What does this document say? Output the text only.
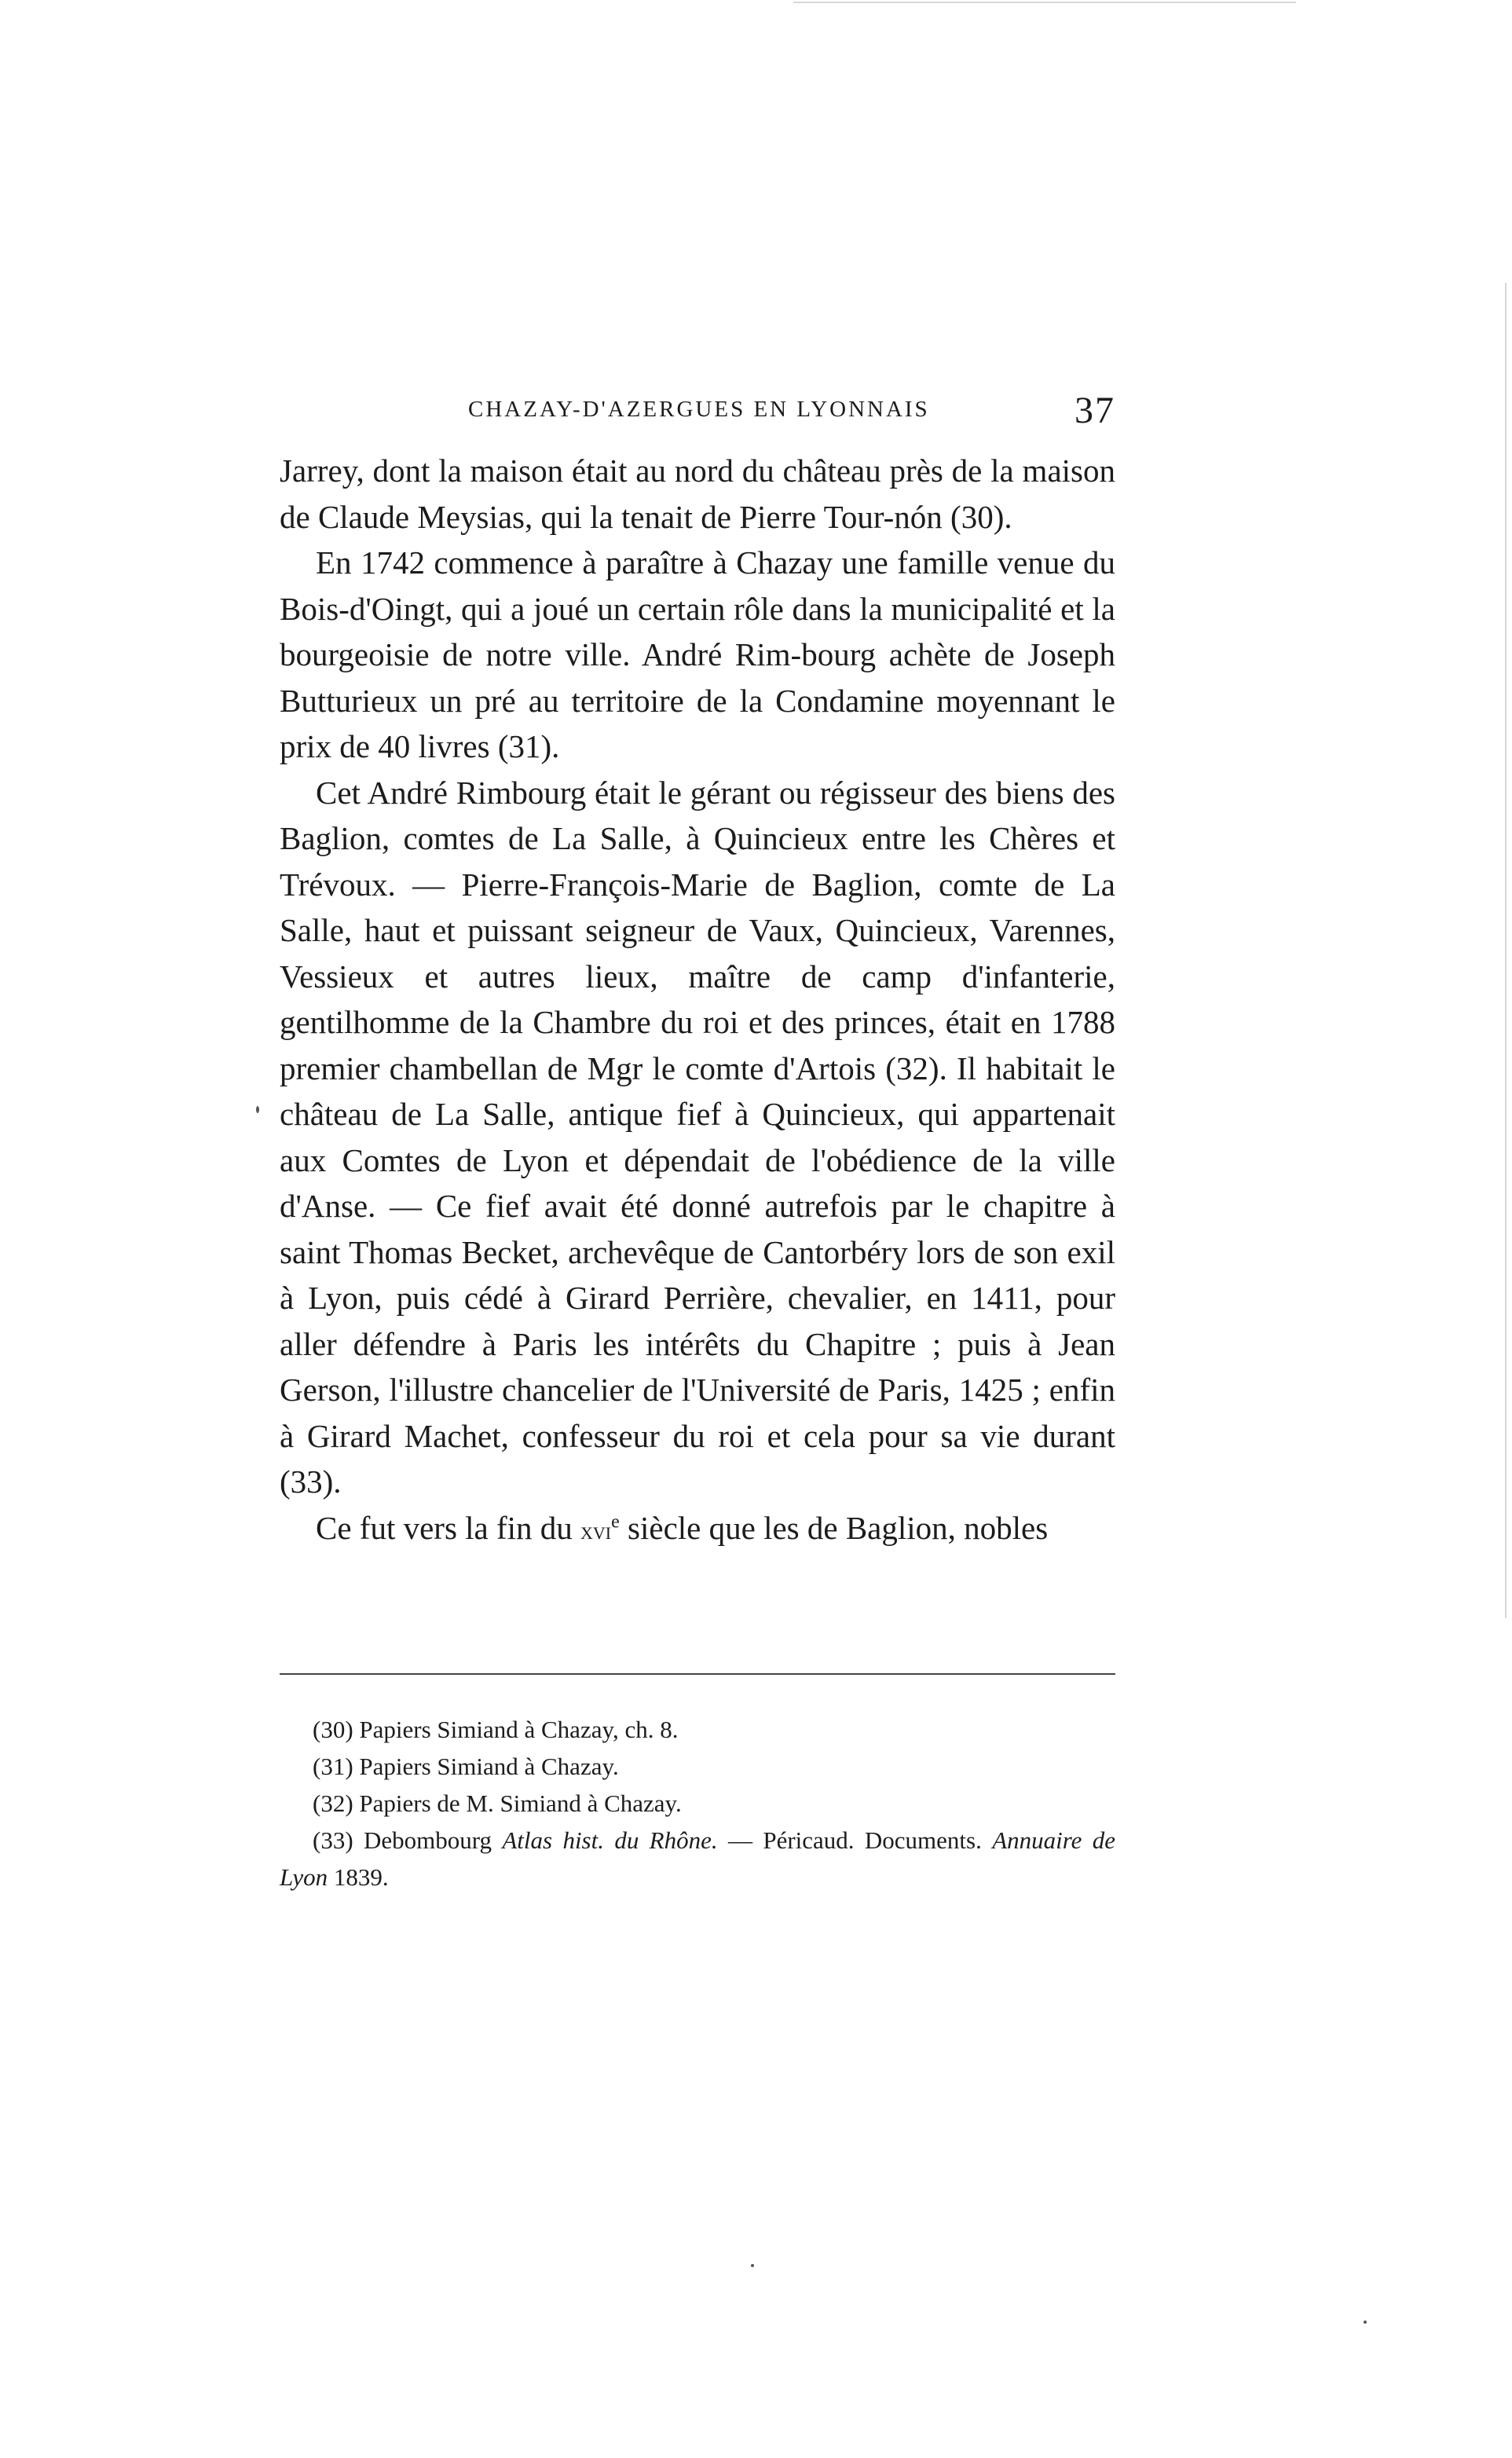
CHAZAY-D'AZERGUES EN LYONNAIS	37

Jarrey, dont la maison était au nord du château près de la maison de Claude Meysias, qui la tenait de Pierre Tour-nón (30).

En 1742 commence à paraître à Chazay une famille venue du Bois-d'Oingt, qui a joué un certain rôle dans la municipalité et la bourgeoisie de notre ville. André Rim-bourg achète de Joseph Butturieux un pré au territoire de la Condamine moyennant le prix de 40 livres (31).

Cet André Rimbourg était le gérant ou régisseur des biens des Baglion, comtes de La Salle, à Quincieux entre les Chères et Trévoux. — Pierre-François-Marie de Baglion, comte de La Salle, haut et puissant seigneur de Vaux, Quincieux, Varennes, Vessieux et autres lieux, maître de camp d'infanterie, gentilhomme de la Chambre du roi et des princes, était en 1788 premier chambellan de Mgr le comte d'Artois (32). Il habitait le château de La Salle, antique fief à Quincieux, qui appartenait aux Comtes de Lyon et dépendait de l'obédience de la ville d'Anse. — Ce fief avait été donné autrefois par le chapitre à saint Thomas Becket, archevêque de Cantorbéry lors de son exil à Lyon, puis cédé à Girard Perrière, chevalier, en 1411, pour aller défendre à Paris les intérêts du Chapitre ; puis à Jean Gerson, l'illustre chancelier de l'Université de Paris, 1425 ; enfin à Girard Machet, confesseur du roi et cela pour sa vie durant (33).

Ce fut vers la fin du xvi$^e$ siècle que les de Baglion, nobles

(30) Papiers Simiand à Chazay, ch. 8.

(31) Papiers Simiand à Chazay.

(32) Papiers de M. Simiand à Chazay.

(33) Debombourg Atlas hist. du Rhône. — Péricaud. Documents. Annuaire de Lyon 1839.
